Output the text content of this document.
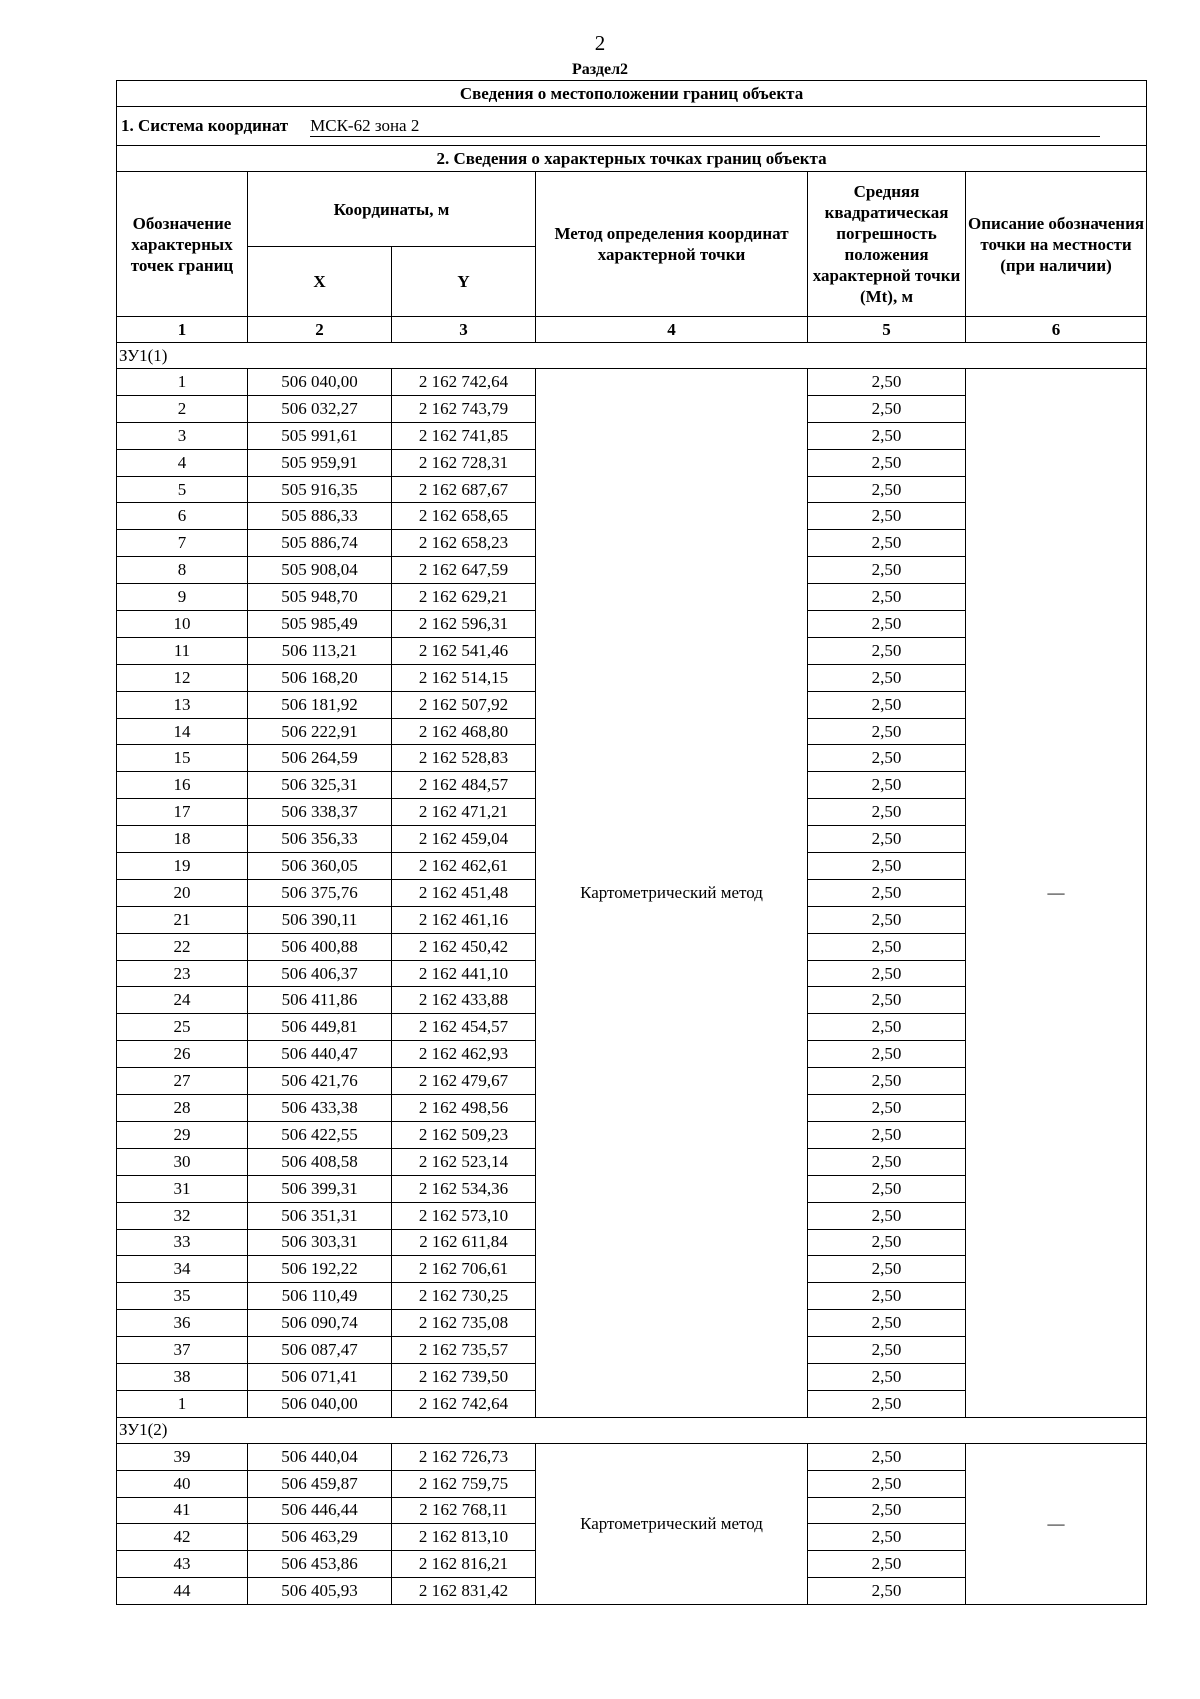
2
Раздел2
Сведения о местоположении границ объекта					
1. Система координат МСК-62 зона 2					
2. Сведения о характерных точках границ объекта					
Обозначение характерных точек границ	Координаты, м		Метод определения координат характерной точки	Средняя квадратическая погрешность положения характерной точки (Mt), м	Описание обозначения точки на местности (при наличии)
	X	Y			
1	2	3	4	5	6
ЗУ1(1)					
1	506 040,00	2 162 742,64	Картометрический метод	2,50	—
2	506 032,27	2 162 743,79		2,50	
3	505 991,61	2 162 741,85		2,50	
4	505 959,91	2 162 728,31		2,50	
5	505 916,35	2 162 687,67		2,50	
6	505 886,33	2 162 658,65		2,50	
7	505 886,74	2 162 658,23		2,50	
8	505 908,04	2 162 647,59		2,50	
9	505 948,70	2 162 629,21		2,50	
10	505 985,49	2 162 596,31		2,50	
11	506 113,21	2 162 541,46		2,50	
12	506 168,20	2 162 514,15		2,50	
13	506 181,92	2 162 507,92		2,50	
14	506 222,91	2 162 468,80		2,50	
15	506 264,59	2 162 528,83		2,50	
16	506 325,31	2 162 484,57		2,50	
17	506 338,37	2 162 471,21		2,50	
18	506 356,33	2 162 459,04		2,50	
19	506 360,05	2 162 462,61		2,50	
20	506 375,76	2 162 451,48		2,50	
21	506 390,11	2 162 461,16		2,50	
22	506 400,88	2 162 450,42		2,50	
23	506 406,37	2 162 441,10		2,50	
24	506 411,86	2 162 433,88		2,50	
25	506 449,81	2 162 454,57		2,50	
26	506 440,47	2 162 462,93		2,50	
27	506 421,76	2 162 479,67		2,50	
28	506 433,38	2 162 498,56		2,50	
29	506 422,55	2 162 509,23		2,50	
30	506 408,58	2 162 523,14		2,50	
31	506 399,31	2 162 534,36		2,50	
32	506 351,31	2 162 573,10		2,50	
33	506 303,31	2 162 611,84		2,50	
34	506 192,22	2 162 706,61		2,50	
35	506 110,49	2 162 730,25		2,50	
36	506 090,74	2 162 735,08		2,50	
37	506 087,47	2 162 735,57		2,50	
38	506 071,41	2 162 739,50		2,50	
1	506 040,00	2 162 742,64		2,50	
ЗУ1(2)					
39	506 440,04	2 162 726,73	Картометрический метод	2,50	—
40	506 459,87	2 162 759,75		2,50	
41	506 446,44	2 162 768,11		2,50	
42	506 463,29	2 162 813,10		2,50	
43	506 453,86	2 162 816,21		2,50	
44	506 405,93	2 162 831,42		2,50	
